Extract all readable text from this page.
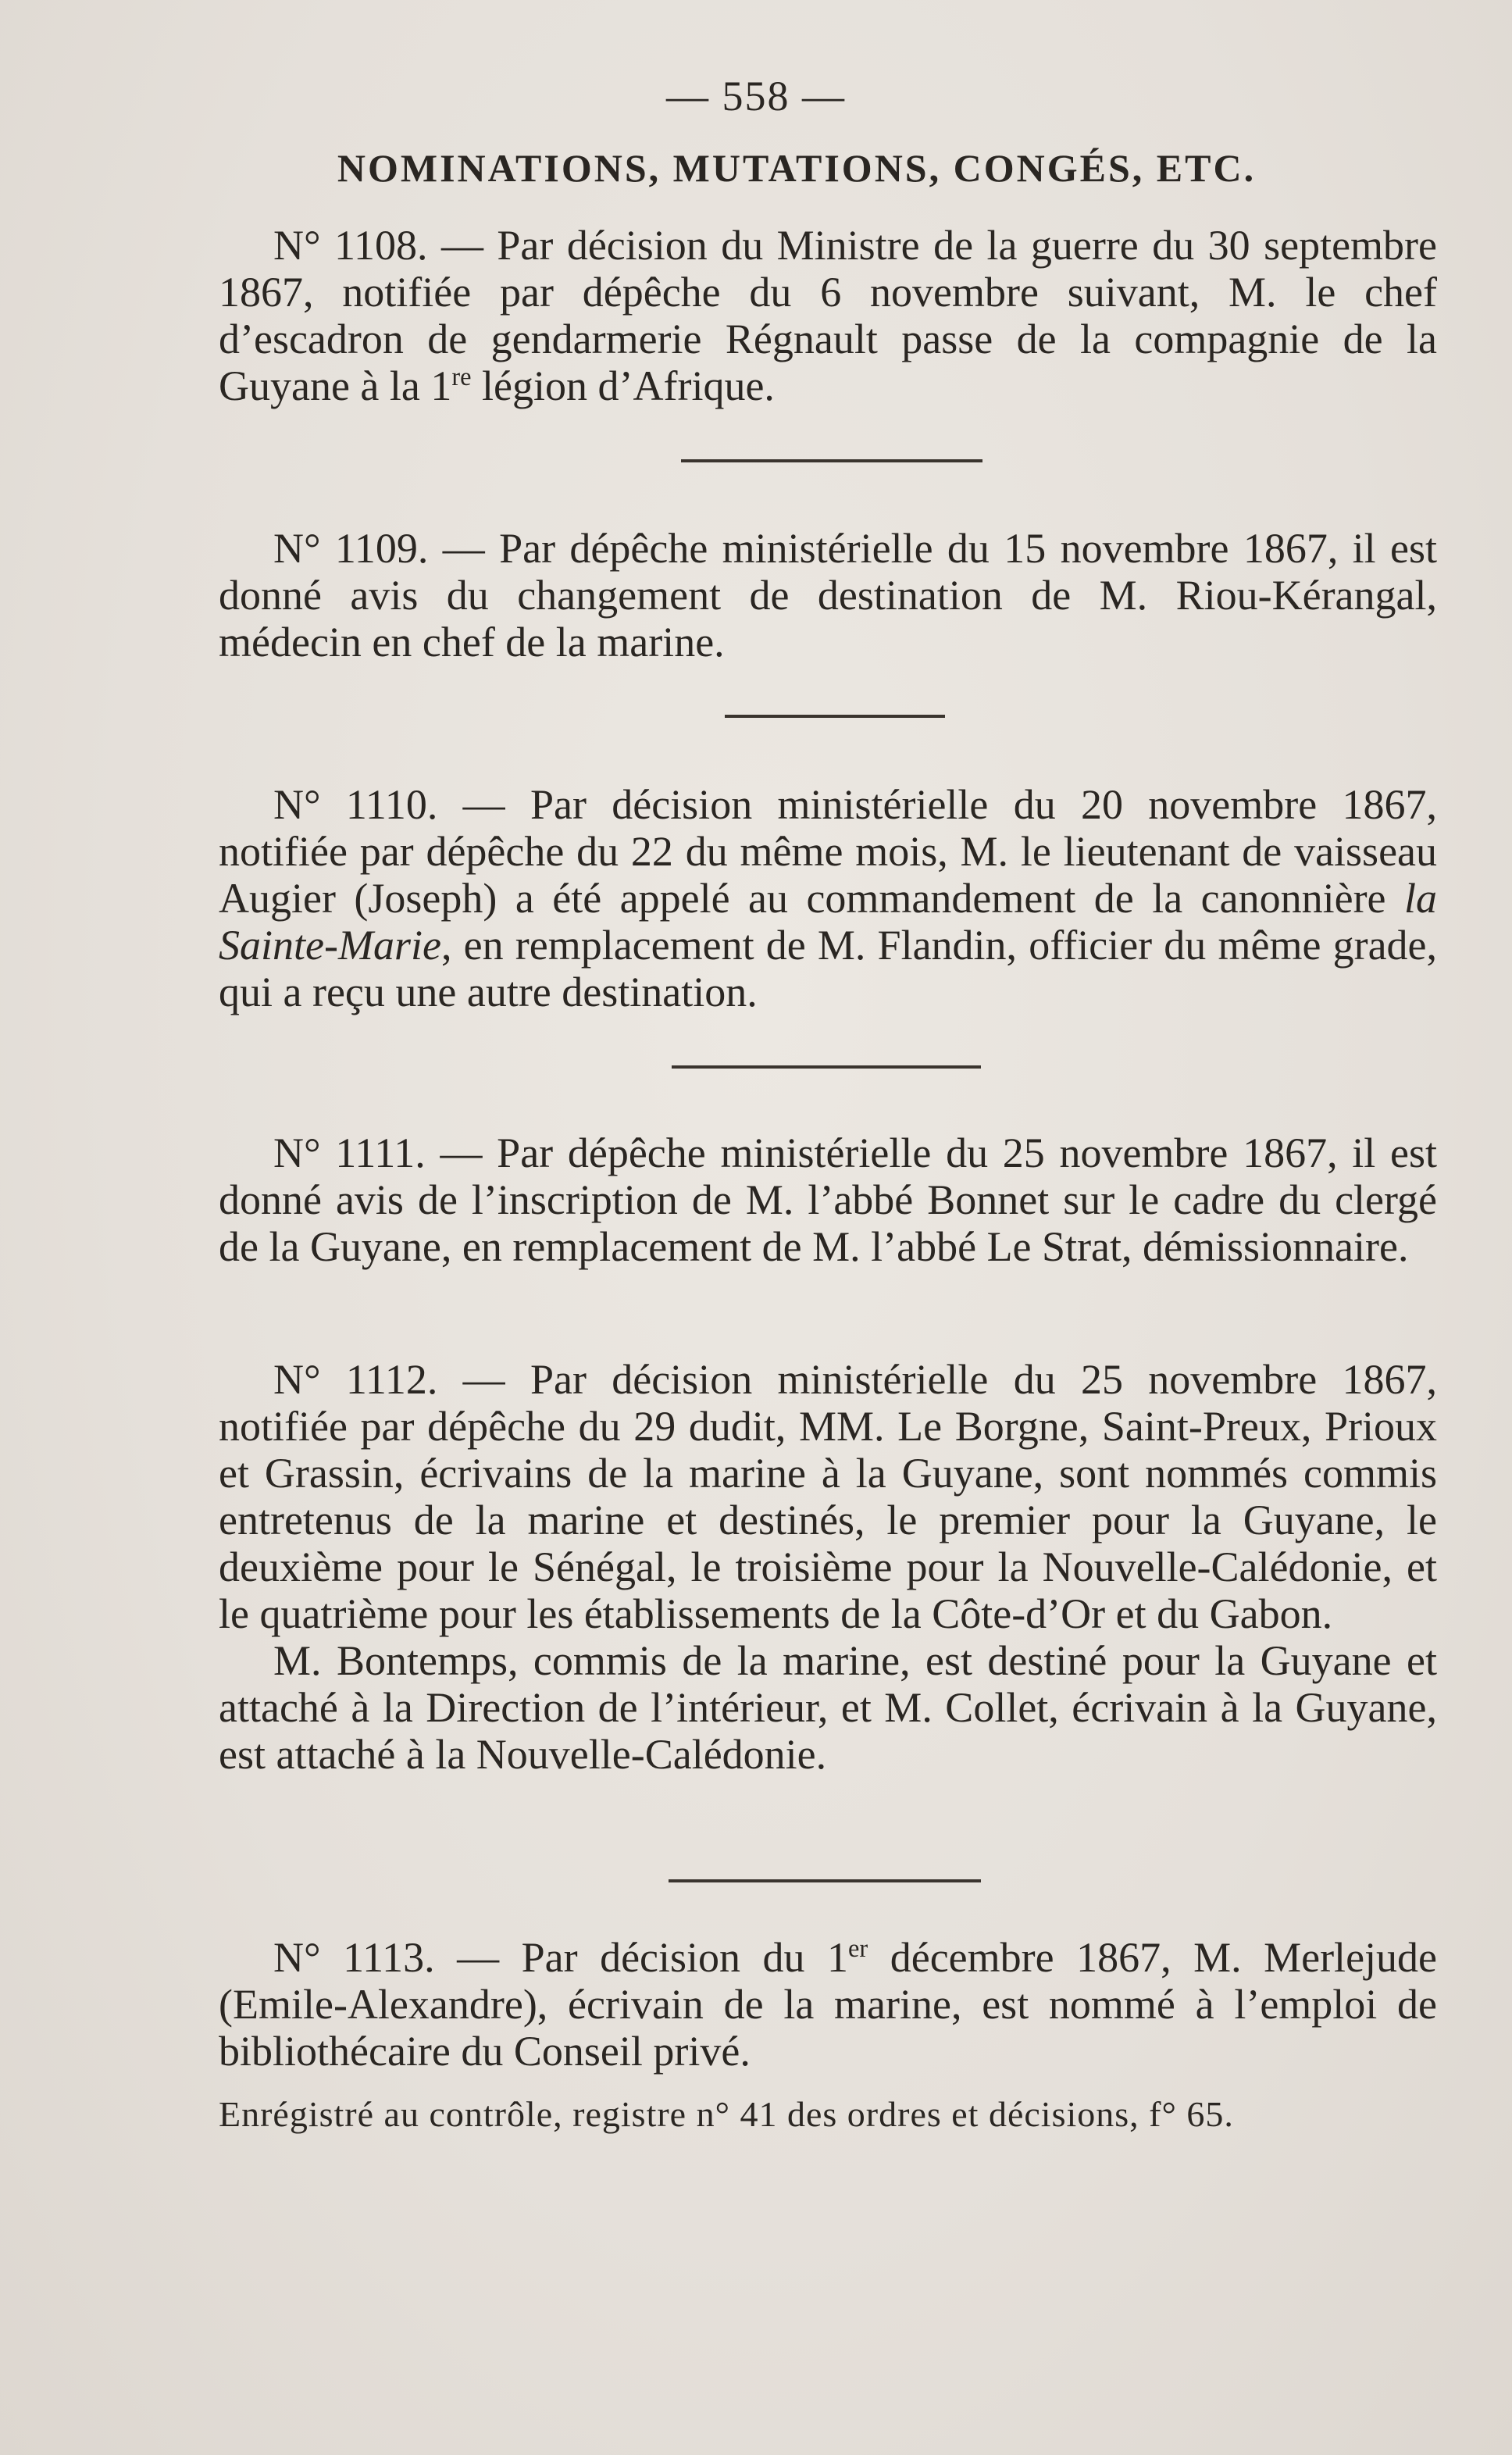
— 558 —
NOMINATIONS, MUTATIONS, CONGÉS, ETC.

N° 1108. — Par décision du Ministre de la guerre du 30 septembre 1867, notifiée par dépêche du 6 novembre suivant, M. le chef d’escadron de gendarmerie Régnault passe de la compagnie de la Guyane à la 1re légion d’Afrique.

N° 1109. — Par dépêche ministérielle du 15 novembre 1867, il est donné avis du changement de destination de M. Riou-Kérangal, médecin en chef de la marine.

N° 1110. — Par décision ministérielle du 20 novembre 1867, notifiée par dépêche du 22 du même mois, M. le lieutenant de vaisseau Augier (Joseph) a été appelé au commandement de la canonnière la Sainte-Marie, en remplacement de M. Flandin, officier du même grade, qui a reçu une autre destination.

N° 1111. — Par dépêche ministérielle du 25 novembre 1867, il est donné avis de l’inscription de M. l’abbé Bonnet sur le cadre du clergé de la Guyane, en remplacement de M. l’abbé Le Strat, démissionnaire.

N° 1112. — Par décision ministérielle du 25 novembre 1867, notifiée par dépêche du 29 dudit, MM. Le Borgne, Saint-Preux, Prioux et Grassin, écrivains de la marine à la Guyane, sont nommés commis entretenus de la marine et destinés, le premier pour la Guyane, le deuxième pour le Sénégal, le troisième pour la Nouvelle-Calédonie, et le quatrième pour les établissements de la Côte-d’Or et du Gabon.

M. Bontemps, commis de la marine, est destiné pour la Guyane et attaché à la Direction de l’intérieur, et M. Collet, écrivain à la Guyane, est attaché à la Nouvelle-Calédonie.

N° 1113. — Par décision du 1er décembre 1867, M. Merlejude (Emile-Alexandre), écrivain de la marine, est nommé à l’emploi de bibliothécaire du Conseil privé.

Enrégistré au contrôle, registre n° 41 des ordres et décisions, f° 65.
